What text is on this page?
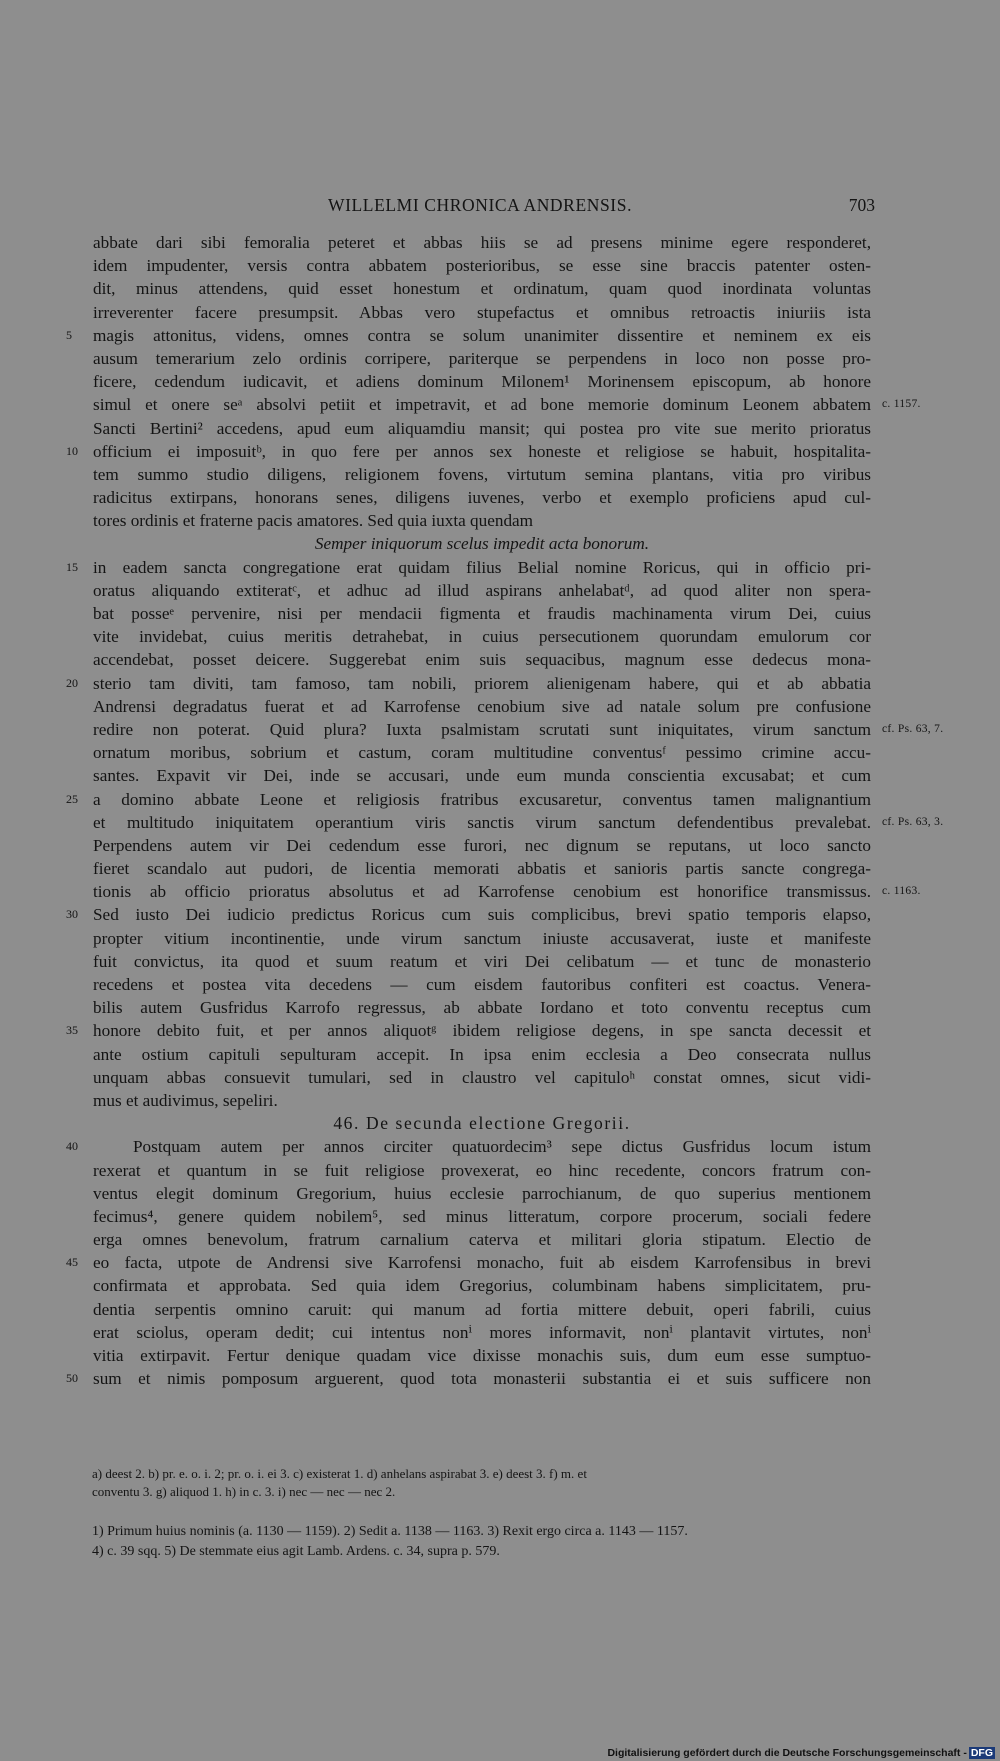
WILLELMI CHRONICA ANDRENSIS.	703
abbate dari sibi femoralia peteret et abbas hiis se ad presens minime egere responderet,
idem impudenter, versis contra abbatem posterioribus, se esse sine braccis patenter osten-
dit, minus attendens, quid esset honestum et ordinatum, quam quod inordinata voluntas
irreverenter facere presumpsit. Abbas vero stupefactus et omnibus retroactis iniuriis ista
5	magis attonitus, videns, omnes contra se solum unanimiter dissentire et neminem ex eis
ausum temerarium zelo ordinis corripere, pariterque se perpendens in loco non posse pro-
ficere, cedendum iudicavit, et adiens dominum Milonem¹ Morinensem episcopum, ab honore
simul et onere seᵃ absolvi petiit et impetravit, et ad bone memorie dominum Leonem abbatem c. 1157.
Sancti Bertini² accedens, apud eum aliquamdiu mansit; qui postea pro vite sue merito prioratus
10 officium ei imposuitᵇ, in quo fere per annos sex honeste et religiose se habuit, hospitalita-
tem summo studio diligens, religionem fovens, virtutum semina plantans, vitia pro viribus
radicitus extirpans, honorans senes, diligens iuvenes, verbo et exemplo proficiens apud cul-
tores ordinis et fraterne pacis amatores. Sed quia iuxta quendam
Semper iniquorum scelus impedit acta bonorum.
15 in eadem sancta congregatione erat quidam filius Belial nomine Roricus, qui in officio pri-
oratus aliquando extiteratᶜ, et adhuc ad illud aspirans anhelabatᵈ, ad quod aliter non spera-
bat posseᵉ pervenire, nisi per mendacii figmenta et fraudis machinamenta virum Dei, cuius
vite invidebat, cuius meritis detrahebat, in cuius persecutionem quorundam emulorum cor
accendebat, posset deicere. Suggerebat enim suis sequacibus, magnum esse dedecus mona-
20 sterio tam diviti, tam famoso, tam nobili, priorem alienigenam habere, qui et ab abbatia
Andrensi degradatus fuerat et ad Karrofense cenobium sive ad natale solum pre confusione
redire non poterat. Quid plura? Iuxta psalmistam scrutati sunt iniquitates, virum sanctum cf. Ps. 63, 7.
ornatum moribus, sobrium et castum, coram multitudine conventusᶠ pessimo crimine accu-
santes. Expavit vir Dei, inde se accusari, unde eum munda conscientia excusabat; et cum
25 a domino abbate Leone et religiosis fratribus excusaretur, conventus tamen malignantium
et multitudo iniquitatem operantium viris sanctis virum sanctum defendentibus prevalebat. cf. Ps. 63, 3.
Perpendens autem vir Dei cedendum esse furori, nec dignum se reputans, ut loco sancto
fieret scandalo aut pudori, de licentia memorati abbatis et sanioris partis sancte congrega-
tionis ab officio prioratus absolutus et ad Karrofense cenobium est honorifice transmissus. c. 1163.
30 Sed iusto Dei iudicio predictus Roricus cum suis complicibus, brevi spatio temporis elapso,
propter vitium incontinentie, unde virum sanctum iniuste accusaverat, iuste et manifeste
fuit convictus, ita quod et suum reatum et viri Dei celibatum — et tunc de monasterio
recedens et postea vita decedens — cum eisdem fautoribus confiteri est coactus. Venera-
bilis autem Gusfridus Karrofo regressus, ab abbate Iordano et toto conventu receptus cum
35 honore debito fuit, et per annos aliquotᵍ ibidem religiose degens, in spe sancta decessit et
ante ostium capituli sepulturam accepit. In ipsa enim ecclesia a Deo consecrata nullus
unquam abbas consuevit tumulari, sed in claustro vel capituloʰ constat omnes, sicut vidi-
mus et audivimus, sepeliri.
46. De secunda electione Gregorii.
40	Postquam autem per annos circiter quatuordecim³ sepe dictus Gusfridus locum istum
rexerat et quantum in se fuit religiose provexerat, eo hinc recedente, concors fratrum con-
ventus elegit dominum Gregorium, huius ecclesie parrochianum, de quo superius mentionem
fecimus⁴, genere quidem nobilem⁵, sed minus litteratum, corpore procerum, sociali federe
erga omnes benevolum, fratrum carnalium caterva et militari gloria stipatum. Electio de
45 eo facta, utpote de Andrensi sive Karrofensi monacho, fuit ab eisdem Karrofensibus in brevi
confirmata et approbata. Sed quia idem Gregorius, columbinam habens simplicitatem, pru-
dentia serpentis omnino caruit: qui manum ad fortia mittere debuit, operi fabrili, cuius
erat sciolus, operam dedit; cui intentus nonⁱ mores informavit, nonⁱ plantavit virtutes, nonⁱ
vitia extirpavit. Fertur denique quadam vice dixisse monachis suis, dum eum esse sumptuo-
50 sum et nimis pomposum arguerent, quod tota monasterii substantia ei et suis sufficere non

a) deest 2. b) pr. e. o. i. 2; pr. o. i. ei 3. c) existerat 1. d) anhelans aspirabat 3. e) deest 3. f) m. et

conventu 3. g) aliquod 1. h) in c. 3. i) nec — nec — nec 2.

1) Primum huius nominis (a. 1130 — 1159). 2) Sedit a. 1138 — 1163. 3) Rexit ergo circa a. 1143 — 1157.

4) c. 39 sqq. 5) De stemmate eius agit Lamb. Ardens. c. 34, supra p. 579.

Digitalisierung gefördert durch die Deutsche Forschungsgemeinschaft - DFG
